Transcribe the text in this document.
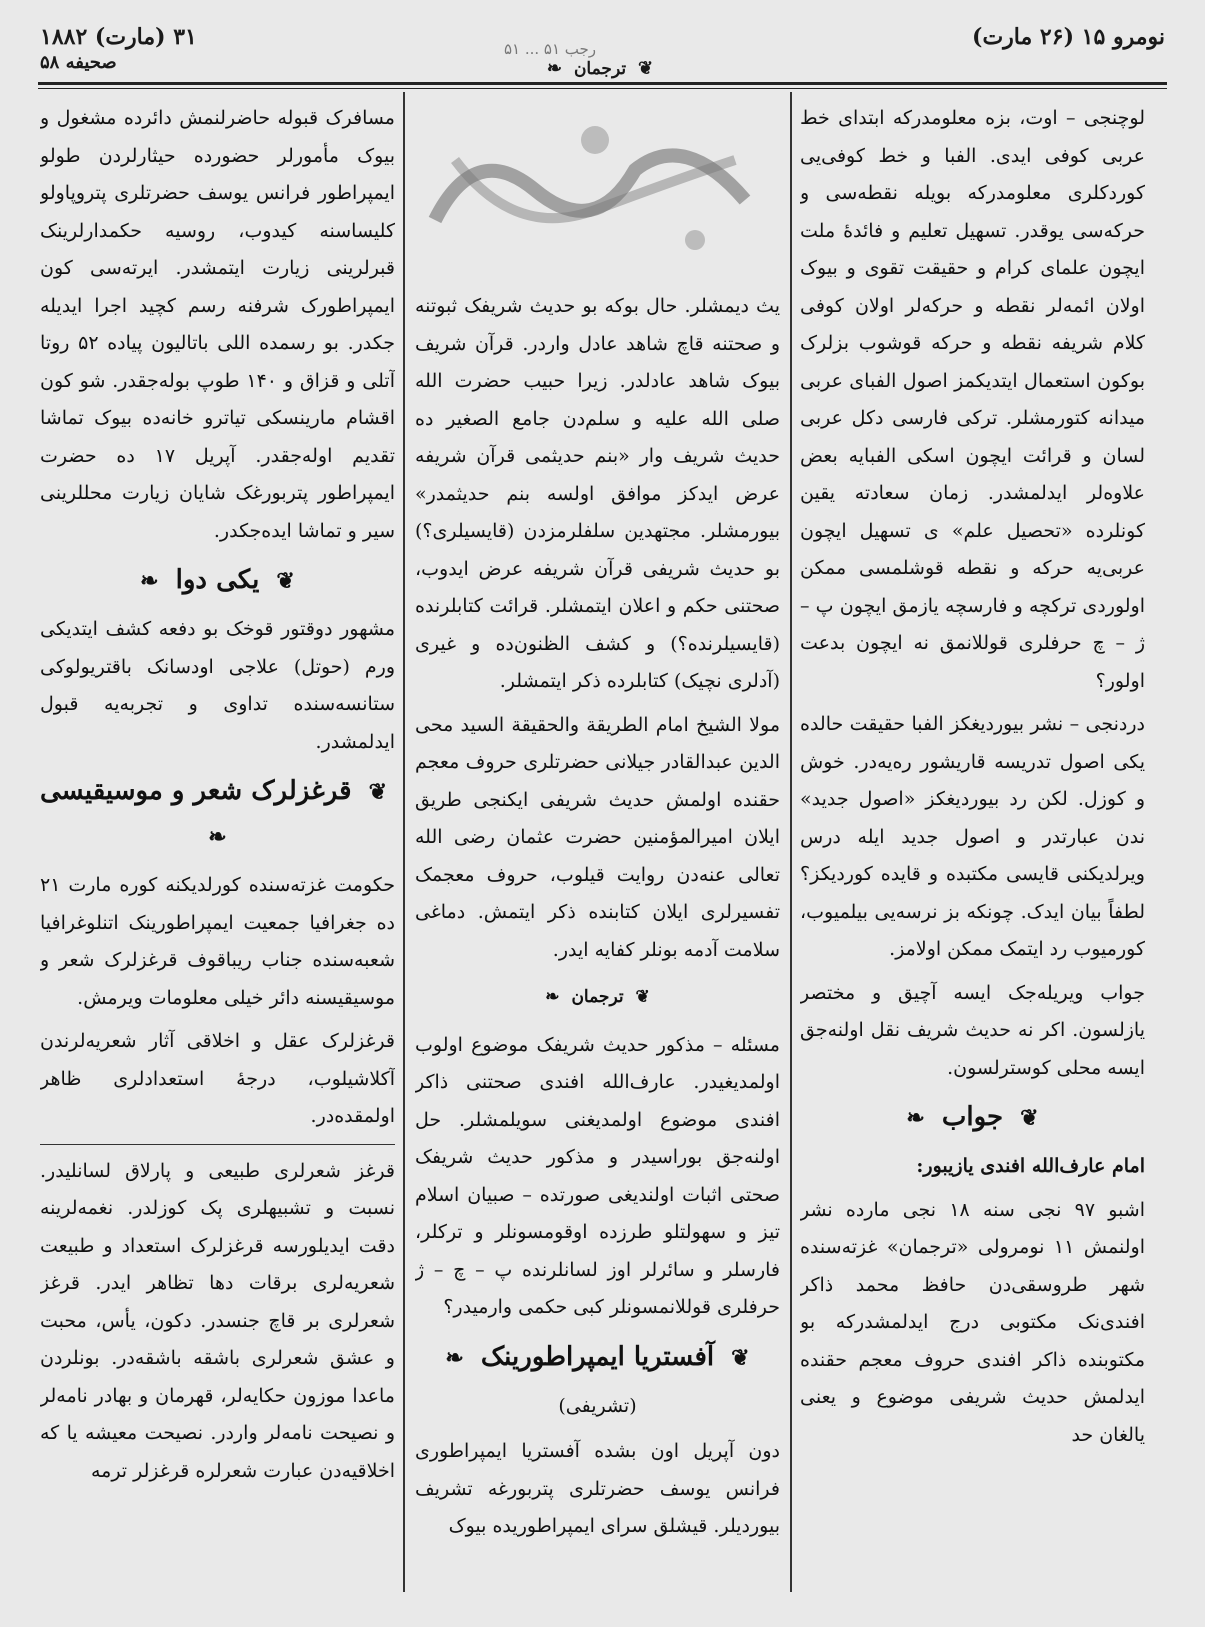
نومرو ۱۵ (۲۶ مارت)
۳۱ (مارت) ۱۸۸۲
صحیفه ۵۸
رجب ۵۱ ... ۵۱
❦ ترجمان ❧

لوچنجی – اوت، بزه معلومدرکه ابتدای خط عربی کوفی ایدی. الفبا و خط کوفی‌یی کوردکلری معلومدرکه بویله نقطه‌سی و حرکه‌سی یوقدر. تسهیل تعلیم و فائدهٔ ملت ایچون علمای کرام و حقیقت تقوی و بیوک اولان ائمه‌لر نقطه و حرکه‌لر اولان کوفی کلام شریفه نقطه و حرکه قوشوب بزلرک بوکون استعمال ایتدیکمز اصول الفبای عربی میدانه کتورمشلر. ترکی فارسی دکل عربی لسان و قرائت ایچون اسکی الفبایه بعض علاوه‌لر ایدلمشدر. زمان سعادته یقین کونلرده «تحصیل علم» ی تسهیل ایچون عربی‌یه حرکه و نقطه قوشلمسی ممکن اولوردی ترکچه و فارسچه یازمق ایچون پ – ژ – چ حرفلری قوللانمق نه ایچون بدعت اولور؟

دردنجی – نشر بیوردیغکز الفبا حقیقت حالده یکی اصول تدریسه قاریشور ره‌یه‌در. خوش و کوزل. لکن رد بیوردیغکز «اصول جدید» ندن عبارتدر و اصول جدید ایله درس ویرلدیکنی قایسی مکتبده و قایده کوردیکز؟ لطفاً بیان ایدک. چونکه بز نرسه‌یی بیلمیوب، کورمیوب رد ایتمک ممکن اولامز.

جواب ویریله‌جک ایسه آچیق و مختصر یازلسون. اکر نه حدیث شریف نقل اولنه‌جق ایسه محلی کوسترلسون.

❦ جواب ❧

امام عارف‌الله افندی یازیبور:

اشبو ۹۷ نجی سنه ۱۸ نجی مارده نشر اولنمش ۱۱ نومرولی «ترجمان» غزته‌سنده شهر طروسقی‌دن حافظ محمد ذاکر افندی‌نک مکتوبی درج ایدلمشدرکه بو مکتوبنده ذاکر افندی حروف معجم حقنده ایدلمش حدیث شریفی موضوع و یعنی یالغان حد

یث دیمشلر. حال بوکه بو حدیث شریفک ثبوتنه و صحتنه قاچ شاهد عادل واردر. قرآن شریف بیوک شاهد عادلدر. زیرا حبیب حضرت الله صلی الله علیه و سلم‌دن جامع الصغیر ده حدیث شریف وار «بنم حدیثمی قرآن شریفه عرض ایدکز موافق اولسه بنم حدیثمدر» بیورمشلر. مجتهدین سلفلرمزدن (قایسیلری؟) بو حدیث شریفی قرآن شریفه عرض ایدوب، صحتنی حکم و اعلان ایتمشلر. قرائت کتابلرنده (قایسیلرنده؟) و کشف الظنون‌ده و غیری (آدلری نچیک) کتابلرده ذکر ایتمشلر.

مولا الشیخ امام الطریقة والحقیقة السید محی الدین عبدالقادر جیلانی حضرتلری حروف معجم حقنده اولمش حدیث شریفی ایکنجی طریق ایلان امیرالمؤمنین حضرت عثمان رضی الله تعالی عنه‌دن روایت قیلوب، حروف معجمک تفسیرلری ایلان کتابنده ذکر ایتمش. دماغی سلامت آدمه بونلر کفایه ایدر.

❦ ترجمان ❧

مسئله – مذکور حدیث شریفک موضوع اولوب اولمدیغیدر. عارف‌الله افندی صحتنی ذاکر افندی موضوع اولمدیغنی سویلمشلر. حل اولنه‌جق بوراسیدر و مذکور حدیث شریفک صحتی اثبات اولندیغی صورتده – صبیان اسلام تیز و سهولتلو طرزده اوقومسونلر و ترکلر، فارسلر و سائرلر اوز لسانلرنده پ – چ – ژ حرفلری قوللانمسونلر کبی حکمی وارمیدر؟

❦ آفستریا ایمپراطورینک ❧
(تشریفی)

دون آپریل اون بشده آفستریا ایمپراطوری فرانس یوسف حضرتلری پتربورغه تشریف بیوردیلر. قیشلق سرای ایمپراطوریده بیوک

مسافرک قبوله حاضرلنمش دائرده مشغول و بیوک مأمورلر حضورده حیثارلردن طولو ایمپراطور فرانس یوسف حضرتلری پتروپاولو کلیساسنه کیدوب، روسیه حکمدارلرینک قبرلرینی زیارت ایتمشدر. ایرته‌سی کون ایمپراطورک شرفنه رسم کچید اجرا ایدیله جکدر. بو رسمده اللی باتالیون پیاده ۵۲ روتا آتلی و قزاق و ۱۴۰ طوپ بوله‌جقدر. شو کون اقشام مارینسکی تیاترو خانه‌ده بیوک تماشا تقدیم اوله‌جقدر. آپریل ۱۷ ده حضرت ایمپراطور پتربورغک شایان زیارت محللرینی سیر و تماشا ایده‌جکدر.

❦ یکی دوا ❧

مشهور دوقتور قوخک بو دفعه کشف ایتدیکی ورم (حوتل) علاجی اودسانک باقتریولوکی ستانسه‌سنده تداوی و تجربه‌یه قبول ایدلمشدر.

❦ قرغزلرک شعر و موسیقیسی ❧

حکومت غزته‌سنده کورلدیکنه کوره مارت ۲۱ ده جغرافیا جمعیت ایمپراطورینک اتنلوغرافیا شعبه‌سنده جناب ریباقوف قرغزلرک شعر و موسیقیسنه دائر خیلی معلومات ویرمش.

قرغزلرک عقل و اخلاقی آثار شعریه‌لرندن آکلاشیلوب، درجهٔ استعدادلری ظاهر اولمقده‌در.

قرغز شعرلری طبیعی و پارلاق لسانلیدر. نسبت و تشبیهلری پک کوزلدر. نغمه‌لرینه دقت ایدیلورسه قرغزلرک استعداد و طبیعت شعریه‌لری برقات دها تظاهر ایدر. قرغز شعرلری بر قاچ جنسدر. دکون، یأس، محبت و عشق شعرلری باشقه باشقه‌در. بونلردن ماعدا موزون حکایه‌لر، قهرمان و بهادر نامه‌لر و نصیحت نامه‌لر واردر. نصیحت معیشه یا که اخلاقیه‌دن عبارت شعرلره قرغزلر ترمه
